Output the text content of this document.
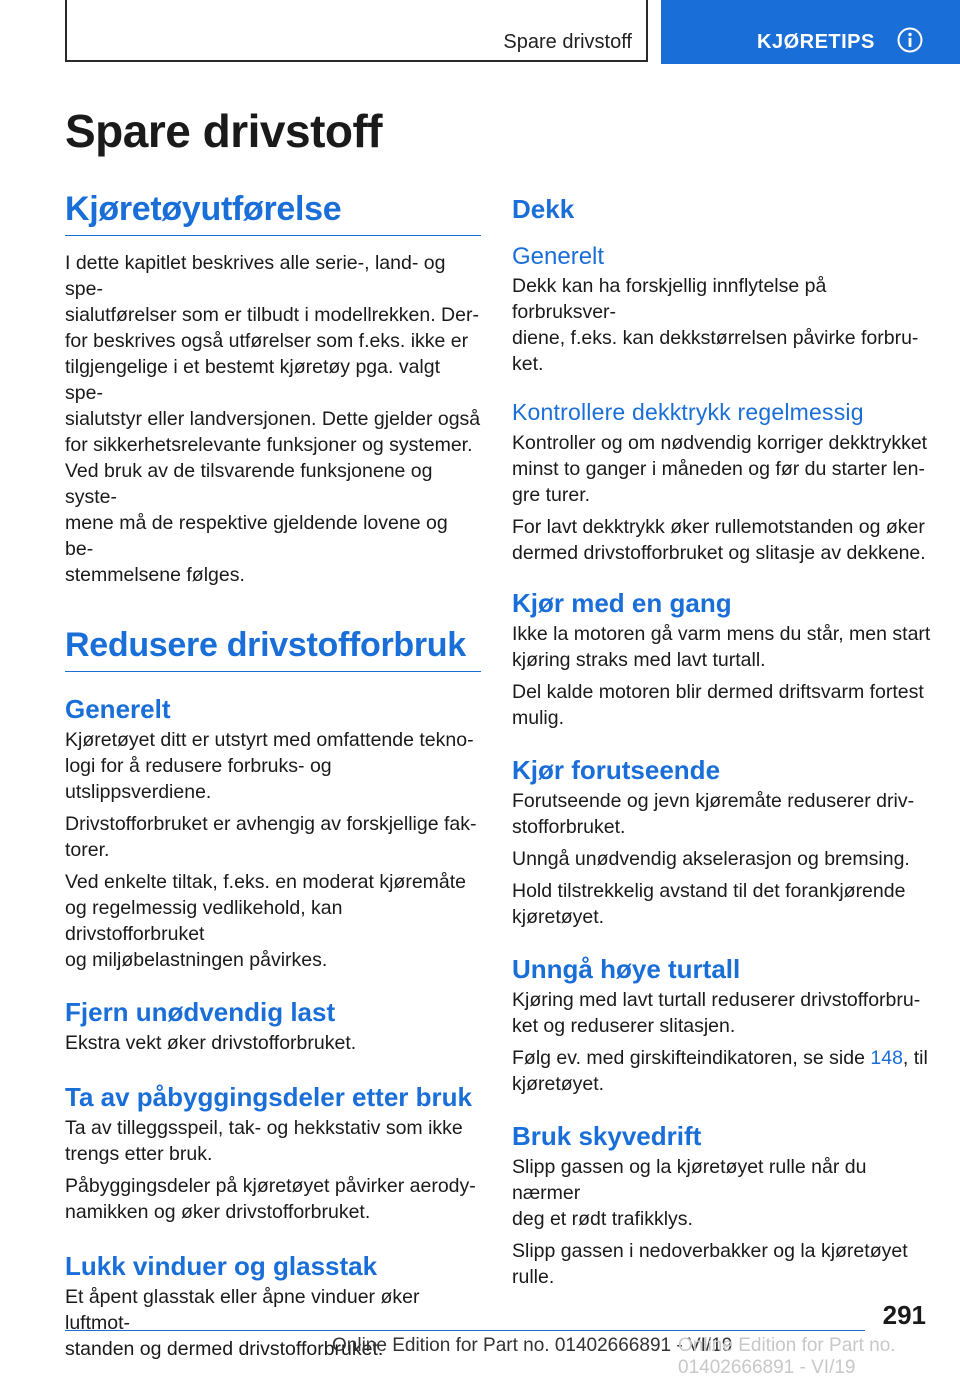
Spare drivstoff	KJØRETIPS
Spare drivstoff
Kjøretøyutførelse

I dette kapitlet beskrives alle serie-, land- og spe-
sialutførelser som er tilbudt i modellrekken. Der-
for beskrives også utførelser som f.eks. ikke er
tilgjengelige i et bestemt kjøretøy pga. valgt spe-
sialutstyr eller landversjonen. Dette gjelder også
for sikkerhetsrelevante funksjoner og systemer.
Ved bruk av de tilsvarende funksjonene og syste-
mene må de respektive gjeldende lovene og be-
stemmelsene følges.

Redusere drivstofforbruk
Generelt

Kjøretøyet ditt er utstyrt med omfattende tekno-
logi for å redusere forbruks- og utslippsverdiene.

Drivstofforbruket er avhengig av forskjellige fak-
torer.

Ved enkelte tiltak, f.eks. en moderat kjøremåte
og regelmessig vedlikehold, kan drivstofforbruket
og miljøbelastningen påvirkes.

Fjern unødvendig last

Ekstra vekt øker drivstofforbruket.

Ta av påbyggingsdeler etter bruk

Ta av tilleggsspeil, tak- og hekkstativ som ikke
trengs etter bruk.

Påbyggingsdeler på kjøretøyet påvirker aerody-
namikken og øker drivstofforbruket.

Lukk vinduer og glasstak

Et åpent glasstak eller åpne vinduer øker luftmot-
standen og dermed drivstofforbruket.

Dekk
Generelt

Dekk kan ha forskjellig innflytelse på forbruksver-
diene, f.eks. kan dekkstørrelsen påvirke forbru-
ket.

Kontrollere dekktrykk regelmessig

Kontroller og om nødvendig korriger dekktrykket
minst to ganger i måneden og før du starter len-
gre turer.

For lavt dekktrykk øker rullemotstanden og øker
dermed drivstofforbruket og slitasje av dekkene.

Kjør med en gang

Ikke la motoren gå varm mens du står, men start
kjøring straks med lavt turtall.

Del kalde motoren blir dermed driftsvarm fortest
mulig.

Kjør forutseende

Forutseende og jevn kjøremåte reduserer driv-
stofforbruket.

Unngå unødvendig akselerasjon og bremsing.

Hold tilstrekkelig avstand til det forankjørende
kjøretøyet.

Unngå høye turtall

Kjøring med lavt turtall reduserer drivstofforbru-
ket og reduserer slitasjen.

Følg ev. med girskifteindikatoren, se side 148, til
kjøretøyet.

Bruk skyvedrift

Slipp gassen og la kjøretøyet rulle når du nærmer
deg et rødt trafikklys.

Slipp gassen i nedoverbakker og la kjøretøyet
rulle.

291
Online Edition for Part no. 01402666891 - VI/19
Online Edition for Part no. 01402666891 - VI/19
